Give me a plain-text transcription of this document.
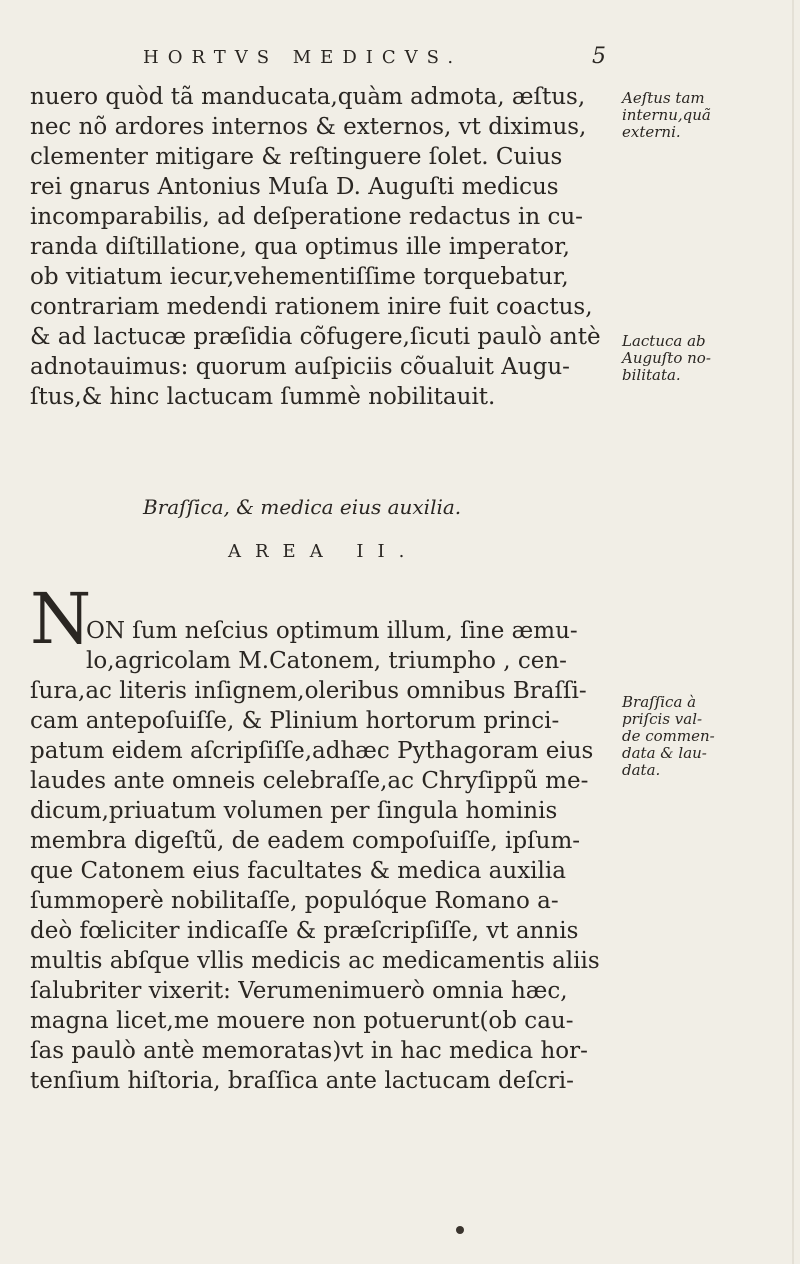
HORTVS MEDICVS.	5
nuero quòd tã manducata,quàm admota, æſtus,
nec nõ ardores internos & externos, vt diximus,
clementer mitigare & reſtinguere ſolet. Cuius
rei gnarus Antonius Muſa D. Auguſti medicus
incomparabilis, ad deſperatione redactus in cu-
randa diſtillatione, qua optimus ille imperator,
ob vitiatum iecur,vehementiſſime torquebatur,
contrariam medendi rationem inire fuit coactus,
& ad lactucæ præſidia cõfugere,ſicuti paulò antè
adnotauimus: quorum auſpiciis cõualuit Augu-
ſtus,& hinc lactucam ſummè nobilitauit.
Aeſtus tam
internu,quã
externi.
Lactuca ab
Auguſto no-
bilitata.
Braſſica, & medica eius auxilia.
AREA II.
N
ON ſum neſcius optimum illum, ſine æmu-
lo,agricolam M.Catonem, triumpho , cen-
ſura,ac literis inſignem,oleribus omnibus Braſſi-
cam antepoſuiſſe, & Plinium hortorum princi-
patum eidem aſcripſiſſe,adhæc Pythagoram eius
laudes ante omneis celebraſſe,ac Chryſippũ me-
dicum,priuatum volumen per ſingula hominis
membra digeſtũ, de eadem compoſuiſſe, ipſum-
que Catonem eius facultates & medica auxilia
ſummoperè nobilitaſſe, populóque Romano a-
deò fœliciter indicaſſe & præſcripſiſſe, vt annis
multis abſque vllis medicis ac medicamentis aliis
ſalubriter vixerit: Verumenimuerò omnia hæc,
magna licet,me mouere non potuerunt(ob cau-
ſas paulò antè memoratas)vt in hac medica hor-
tenſium hiſtoria, braſſica ante lactucam deſcri-
Braſſica à
priſcis val-
de commen-
data & lau-
data.
